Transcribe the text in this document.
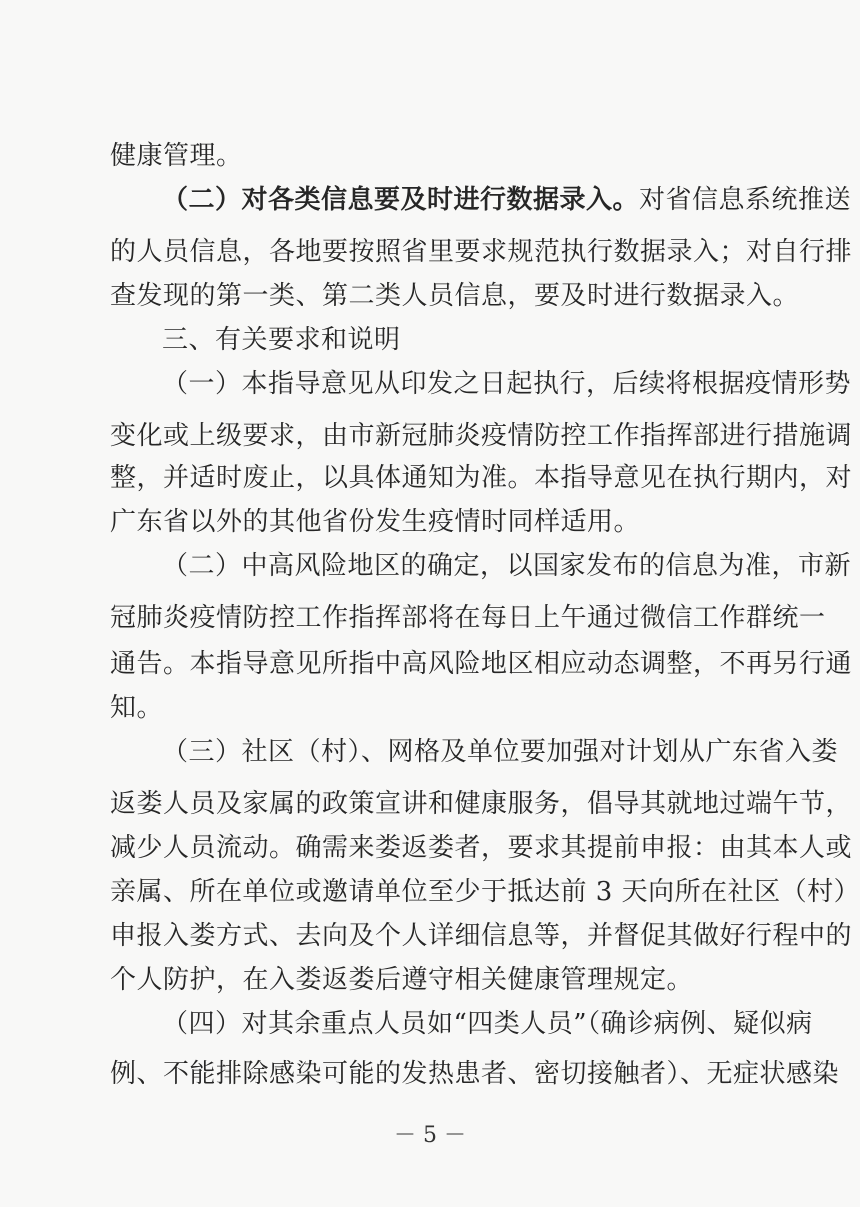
健康管理。
（二）对各类信息要及时进行数据录入。对省信息系统推送
的人员信息，各地要按照省里要求规范执行数据录入；对自行排
查发现的第一类、第二类人员信息，要及时进行数据录入。
三、有关要求和说明
（一）本指导意见从印发之日起执行，后续将根据疫情形势
变化或上级要求，由市新冠肺炎疫情防控工作指挥部进行措施调
整，并适时废止，以具体通知为准。本指导意见在执行期内，对
广东省以外的其他省份发生疫情时同样适用。
（二）中高风险地区的确定，以国家发布的信息为准，市新
冠肺炎疫情防控工作指挥部将在每日上午通过微信工作群统一
通告。本指导意见所指中高风险地区相应动态调整，不再另行通
知。
（三）社区（村）、网格及单位要加强对计划从广东省入娄
返娄人员及家属的政策宣讲和健康服务，倡导其就地过端午节，
减少人员流动。确需来娄返娄者，要求其提前申报：由其本人或
亲属、所在单位或邀请单位至少于抵达前 3 天向所在社区（村）
申报入娄方式、去向及个人详细信息等，并督促其做好行程中的
个人防护，在入娄返娄后遵守相关健康管理规定。
（四）对其余重点人员如“四类人员”（确诊病例、疑似病
例、不能排除感染可能的发热患者、密切接触者）、无症状感染
－ 5 －
